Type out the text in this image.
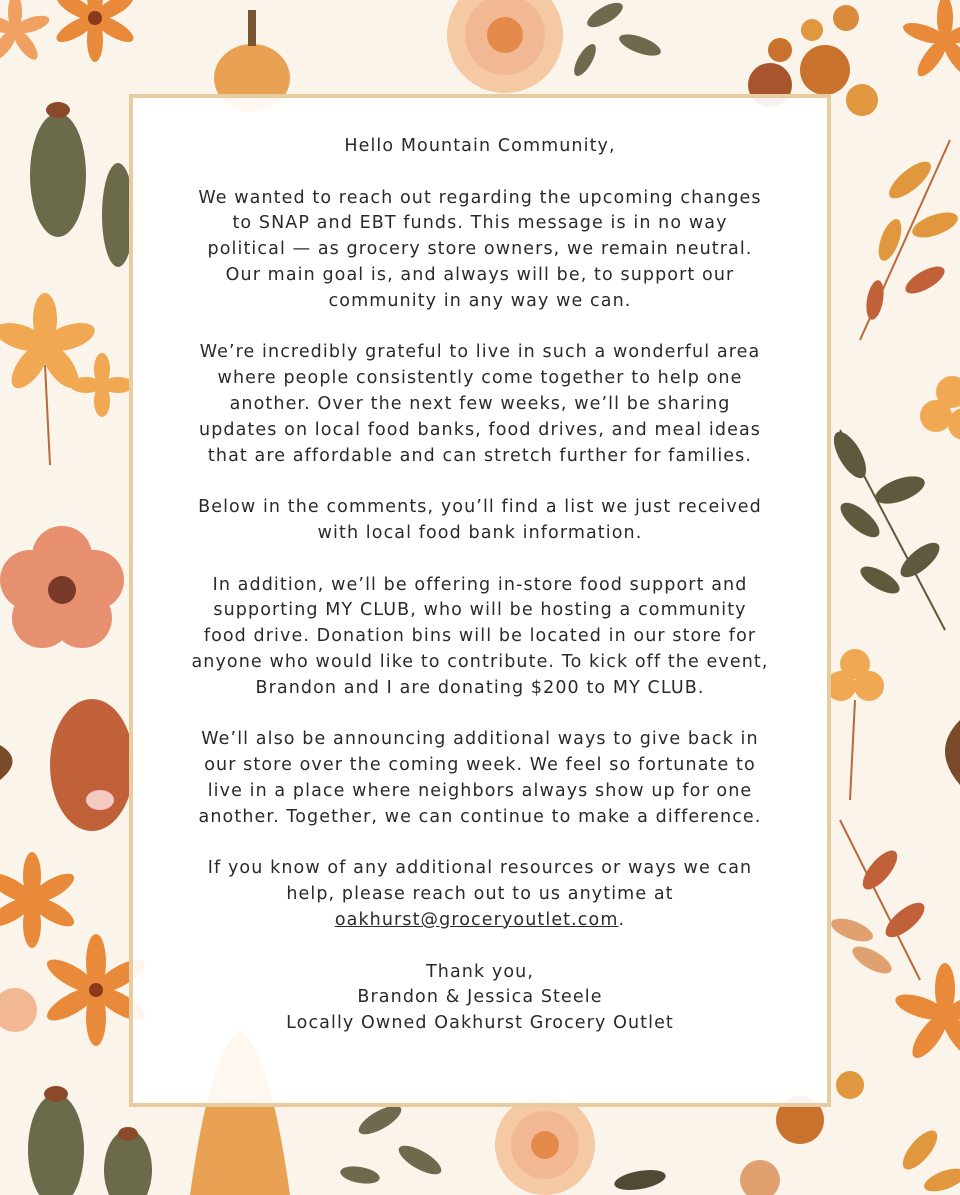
Hello Mountain Community,

We wanted to reach out regarding the upcoming changes
to SNAP and EBT funds. This message is in no way
political — as grocery store owners, we remain neutral.
Our main goal is, and always will be, to support our
community in any way we can.

We’re incredibly grateful to live in such a wonderful area
where people consistently come together to help one
another. Over the next few weeks, we’ll be sharing
updates on local food banks, food drives, and meal ideas
that are affordable and can stretch further for families.

Below in the comments, you’ll find a list we just received
with local food bank information.

In addition, we’ll be offering in-store food support and
supporting MY CLUB, who will be hosting a community
food drive. Donation bins will be located in our store for
anyone who would like to contribute. To kick off the event,
Brandon and I are donating $200 to MY CLUB.

We’ll also be announcing additional ways to give back in
our store over the coming week. We feel so fortunate to
live in a place where neighbors always show up for one
another. Together, we can continue to make a difference.

If you know of any additional resources or ways we can
help, please reach out to us anytime at
oakhurst@groceryoutlet.com.

Thank you,
Brandon & Jessica Steele
Locally Owned Oakhurst Grocery Outlet
